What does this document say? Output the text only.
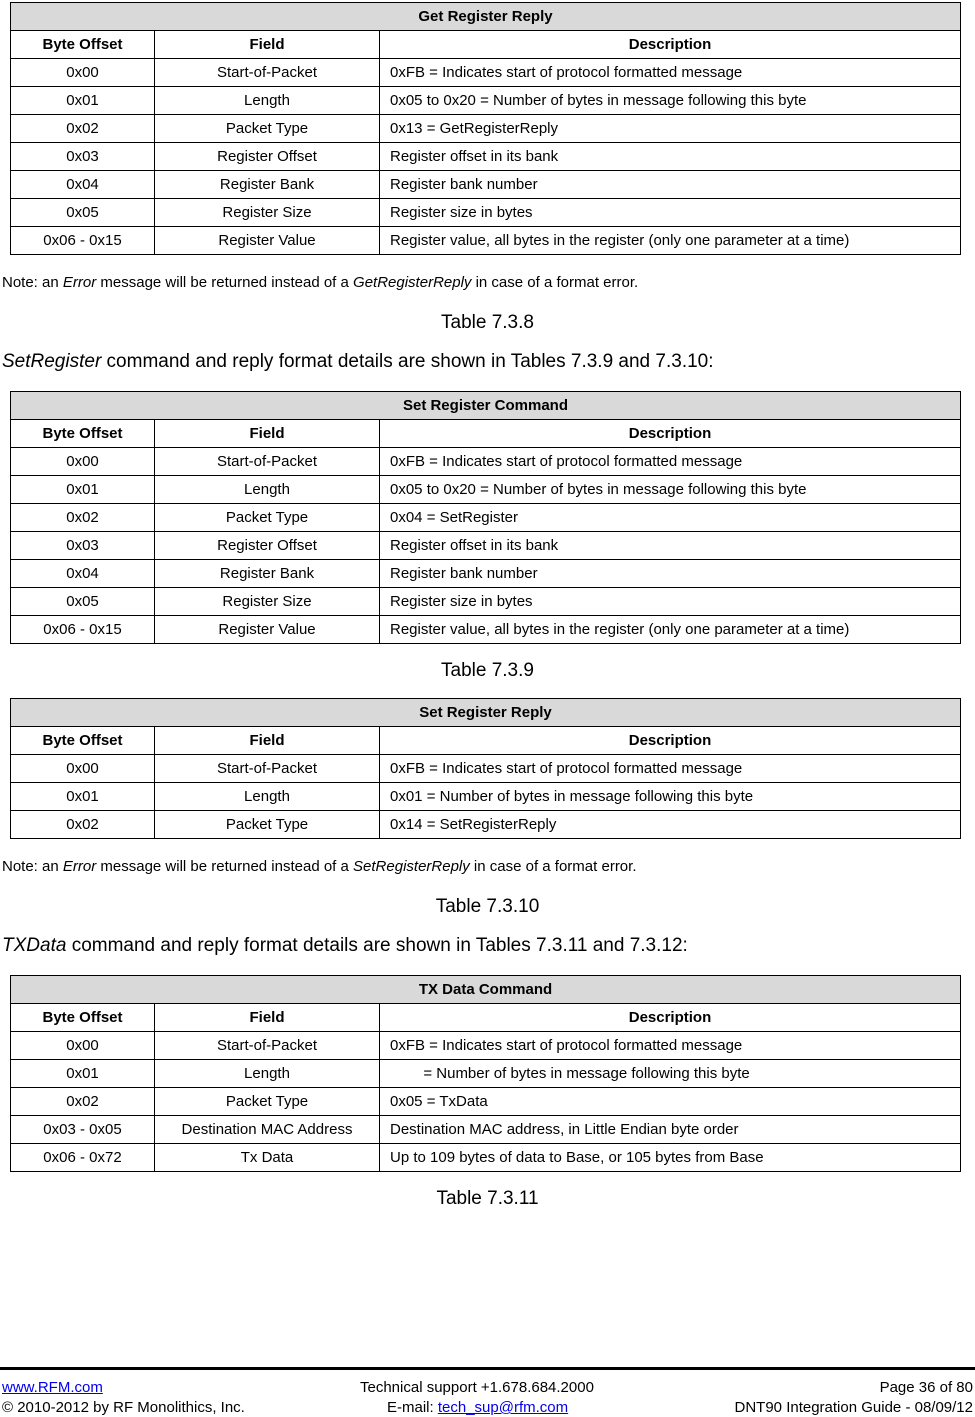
Get Register Reply		
Byte Offset	Field	Description
0x00	Start-of-Packet	0xFB = Indicates start of protocol formatted message
0x01	Length	0x05 to 0x20 = Number of bytes in message following this byte
0x02	Packet Type	0x13 = GetRegisterReply
0x03	Register Offset	Register offset in its bank
0x04	Register Bank	Register bank number
0x05	Register Size	Register size in bytes
0x06 - 0x15	Register Value	Register value, all bytes in the register (only one parameter at a time)
Note: an Error message will be returned instead of a GetRegisterReply in case of a format error.
Table 7.3.8
SetRegister command and reply format details are shown in Tables 7.3.9 and 7.3.10:
Set Register Command		
Byte Offset	Field	Description
0x00	Start-of-Packet	0xFB = Indicates start of protocol formatted message
0x01	Length	0x05 to 0x20 = Number of bytes in message following this byte
0x02	Packet Type	0x04 = SetRegister
0x03	Register Offset	Register offset in its bank
0x04	Register Bank	Register bank number
0x05	Register Size	Register size in bytes
0x06 - 0x15	Register Value	Register value, all bytes in the register (only one parameter at a time)
Table 7.3.9
Set Register Reply		
Byte Offset	Field	Description
0x00	Start-of-Packet	0xFB = Indicates start of protocol formatted message
0x01	Length	0x01 = Number of bytes in message following this byte
0x02	Packet Type	0x14 = SetRegisterReply
Note: an Error message will be returned instead of a SetRegisterReply in case of a format error.
Table 7.3.10
TXData command and reply format details are shown in Tables 7.3.11 and 7.3.12:
TX Data Command		
Byte Offset	Field	Description
0x00	Start-of-Packet	0xFB = Indicates start of protocol formatted message
0x01	Length	= Number of bytes in message following this byte
0x02	Packet Type	0x05 = TxData
0x03 - 0x05	Destination MAC Address	Destination MAC address, in Little Endian byte order
0x06 - 0x72	Tx Data	Up to 109 bytes of data to Base, or 105 bytes from Base
Table 7.3.11
www.RFM.com
© 2010-2012 by RF Monolithics, Inc.
Technical support +1.678.684.2000
E-mail: tech_sup@rfm.com
Page 36 of 80
DNT90 Integration Guide - 08/09/12
